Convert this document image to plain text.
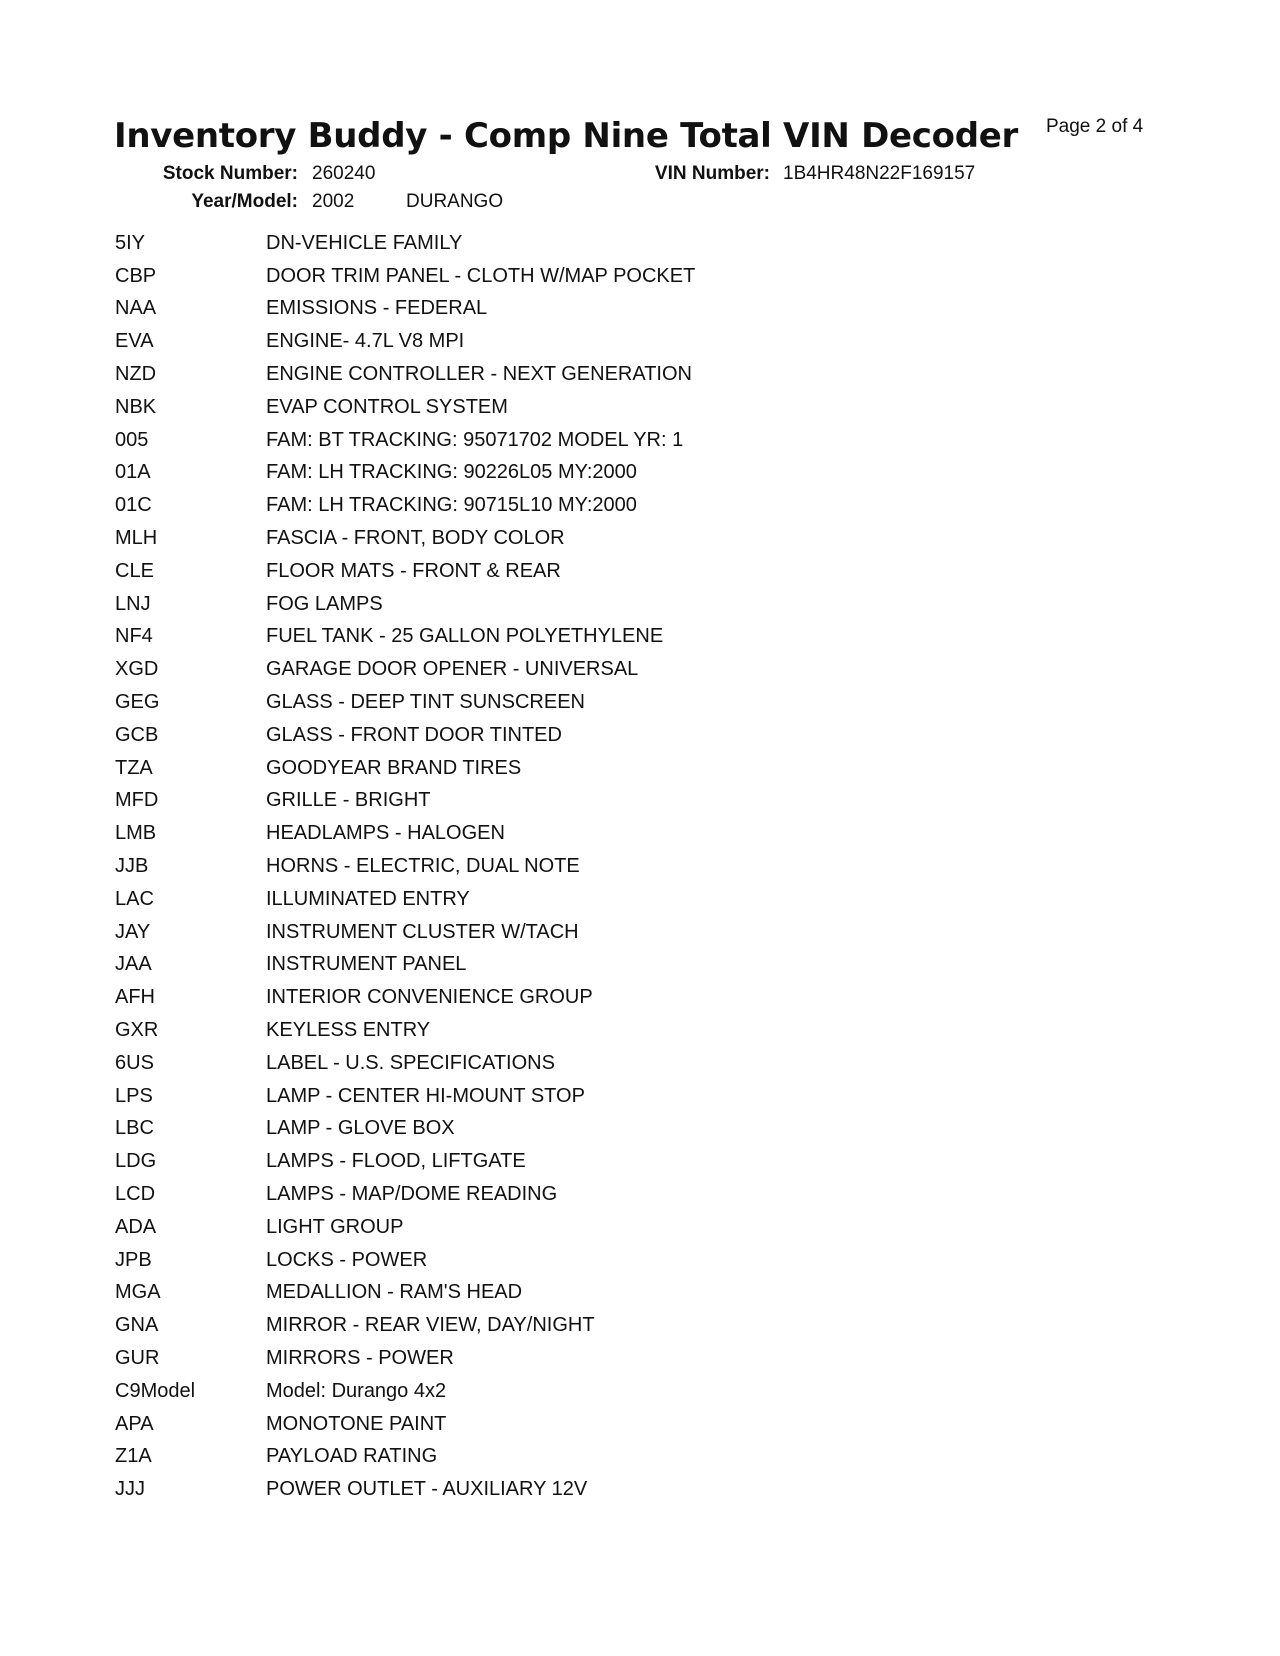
Inventory Buddy - Comp Nine Total VIN Decoder Page 2 of 4
Stock Number: 260240	VIN Number: 1B4HR48N22F169157
Year/Model: 2002	DURANGO
5IY	DN-VEHICLE FAMILY
CBP	DOOR TRIM PANEL - CLOTH W/MAP POCKET
NAA	EMISSIONS - FEDERAL
EVA	ENGINE- 4.7L V8 MPI
NZD	ENGINE CONTROLLER - NEXT GENERATION
NBK	EVAP CONTROL SYSTEM
005	FAM: BT TRACKING: 95071702 MODEL YR: 1
01A	FAM: LH TRACKING: 90226L05 MY:2000
01C	FAM: LH TRACKING: 90715L10 MY:2000
MLH	FASCIA - FRONT, BODY COLOR
CLE	FLOOR MATS - FRONT & REAR
LNJ	FOG LAMPS
NF4	FUEL TANK - 25 GALLON POLYETHYLENE
XGD	GARAGE DOOR OPENER - UNIVERSAL
GEG	GLASS - DEEP TINT SUNSCREEN
GCB	GLASS - FRONT DOOR TINTED
TZA	GOODYEAR BRAND TIRES
MFD	GRILLE - BRIGHT
LMB	HEADLAMPS - HALOGEN
JJB	HORNS - ELECTRIC, DUAL NOTE
LAC	ILLUMINATED ENTRY
JAY	INSTRUMENT CLUSTER W/TACH
JAA	INSTRUMENT PANEL
AFH	INTERIOR CONVENIENCE GROUP
GXR	KEYLESS ENTRY
6US	LABEL - U.S. SPECIFICATIONS
LPS	LAMP - CENTER HI-MOUNT STOP
LBC	LAMP - GLOVE BOX
LDG	LAMPS - FLOOD, LIFTGATE
LCD	LAMPS - MAP/DOME READING
ADA	LIGHT GROUP
JPB	LOCKS - POWER
MGA	MEDALLION - RAM'S HEAD
GNA	MIRROR - REAR VIEW, DAY/NIGHT
GUR	MIRRORS - POWER
C9Model	Model: Durango 4x2
APA	MONOTONE PAINT
Z1A	PAYLOAD RATING
JJJ	POWER OUTLET - AUXILIARY 12V
